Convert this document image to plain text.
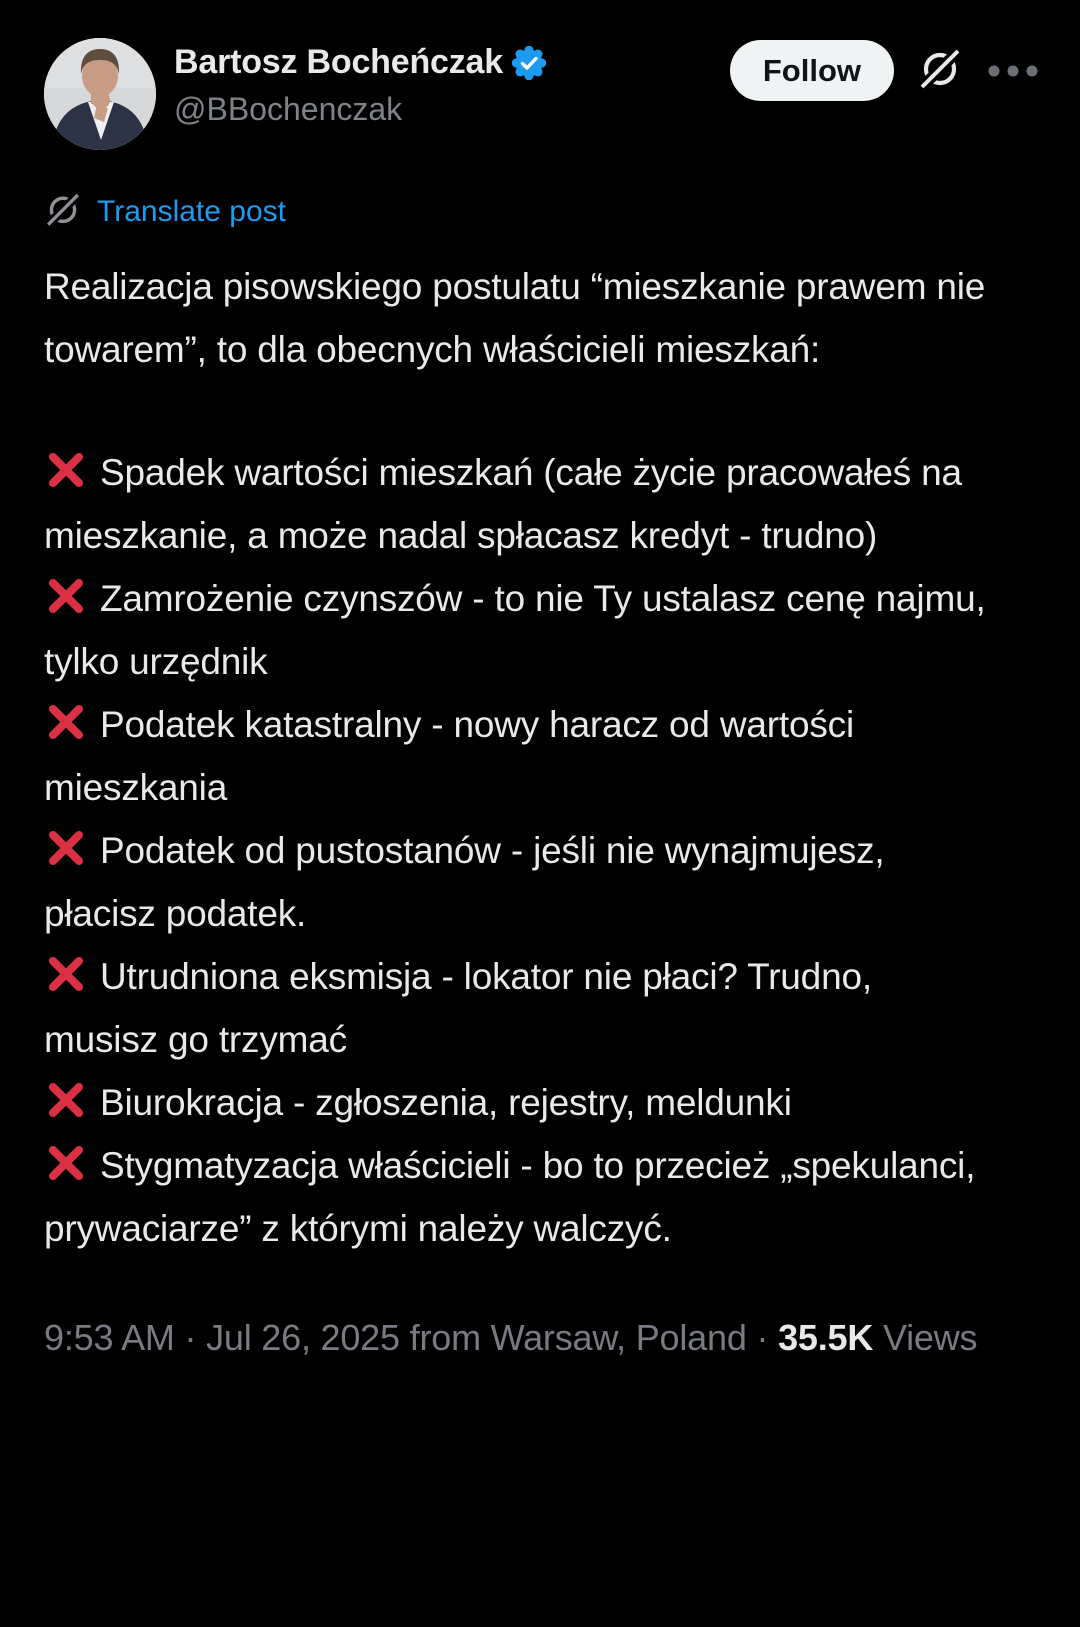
Bartosz Bocheńczak
@BBochenczak
Follow
Translate post

Realizacja pisowskiego postulatu “mieszkanie prawem nie towarem”, to dla obecnych właścicieli mieszkań:

Spadek wartości mieszkań (całe życie pracowałeś na mieszkanie, a może nadal spłacasz kredyt - trudno)
Zamrożenie czynszów - to nie Ty ustalasz cenę najmu, tylko urzędnik
Podatek katastralny - nowy haracz od wartości mieszkania
Podatek od pustostanów - jeśli nie wynajmujesz, płacisz podatek.
Utrudniona eksmisja - lokator nie płaci? Trudno, musisz go trzymać
Biurokracja - zgłoszenia, rejestry, meldunki
Stygmatyzacja właścicieli - bo to przecież „spekulanci, prywaciarze” z którymi należy walczyć.
9:53 AM · Jul 26, 2025 from Warsaw, Poland · 35.5K Views
